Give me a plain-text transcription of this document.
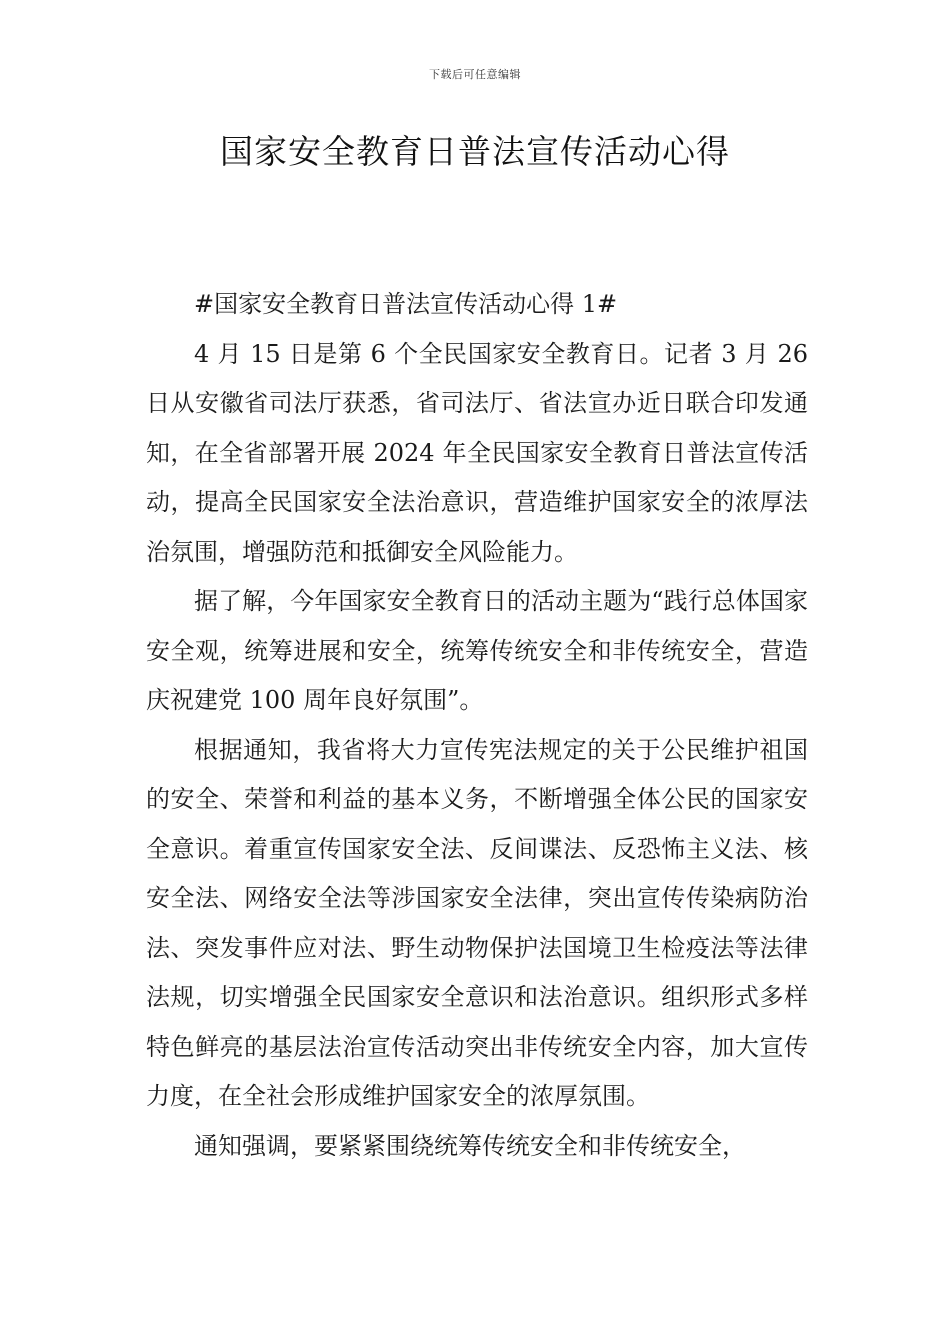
下载后可任意编辑
国家安全教育日普法宣传活动心得

#国家安全教育日普法宣传活动心得 1#

4 月 15 日是第 6 个全民国家安全教育日。记者 3 月 26 日从安徽省司法厅获悉，省司法厅、省法宣办近日联合印发通知，在全省部署开展 2024 年全民国家安全教育日普法宣传活动，提高全民国家安全法治意识，营造维护国家安全的浓厚法治氛围，增强防范和抵御安全风险能力。

据了解，今年国家安全教育日的活动主题为“践行总体国家安全观，统筹进展和安全，统筹传统安全和非传统安全，营造庆祝建党 100 周年良好氛围”。

根据通知，我省将大力宣传宪法规定的关于公民维护祖国的安全、荣誉和利益的基本义务，不断增强全体公民的国家安全意识。着重宣传国家安全法、反间谍法、反恐怖主义法、核安全法、网络安全法等涉国家安全法律，突出宣传传染病防治法、突发事件应对法、野生动物保护法国境卫生检疫法等法律法规，切实增强全民国家安全意识和法治意识。组织形式多样特色鲜亮的基层法治宣传活动突出非传统安全内容，加大宣传力度，在全社会形成维护国家安全的浓厚氛围。

通知强调，要紧紧围绕统筹传统安全和非传统安全，
